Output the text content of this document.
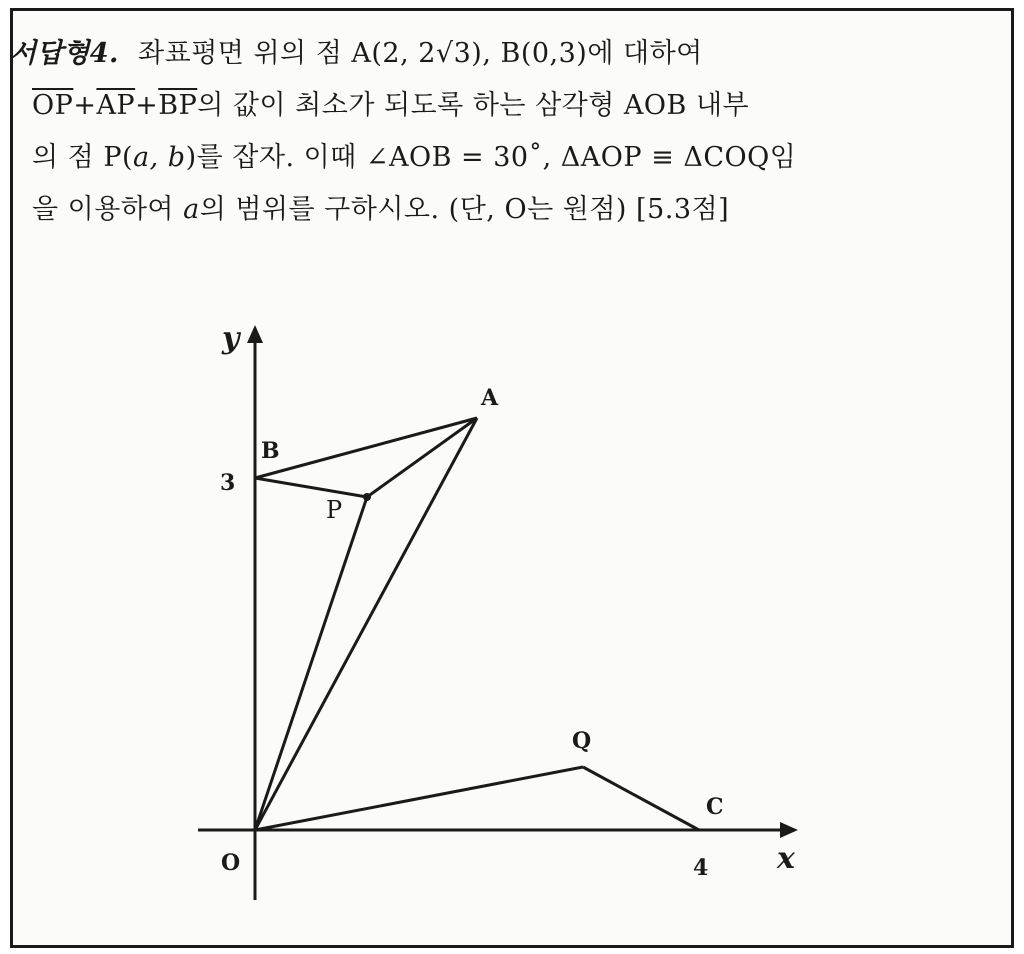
서답형4. 좌표평면 위의 점 A(2, 2√3), B(0,3)에 대하여
$\overline{OP}+\overline{AP}+\overline{BP}$의 값이 최소가 되도록 하는 삼각형 AOB 내부
의 점 P(a, b)를 잡자. 이때 ∠AOB = 30˚, ΔAOP ≡ ΔCOQ임
을 이용하여 a의 범위를 구하시오. (단, O는 원점) [5.3점]
y
x
3
4
O
A
B
P
Q
C
